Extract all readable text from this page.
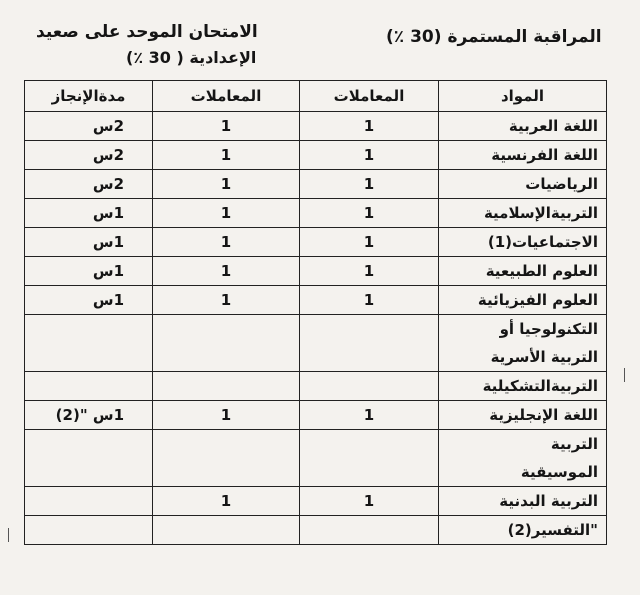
الامتحان الموحد على صعيد
الإعدادية ( 30 ٪)
المراقبة المستمرة (30 ٪)
المواد	المعاملات	المعاملات	مدةالإنجاز

اللغة العربية	1	1	2س

اللغة الفرنسية	1	1	2س

الرياضيات	1	1	2س

التربيةالإسلامية	1	1	1س

الاجتماعيات(1)	1	1	1س

العلوم الطبيعية	1	1	1س

العلوم الفيزيائية	1	1	1س

التكنولوجيا أو
التربية الأسرية			

التربيةالتشكيلية			

اللغة الإنجليزية	1	1	1س "(2)

التربية
الموسيقية			

التربية البدنية	1	1	

"التفسير(2)			
